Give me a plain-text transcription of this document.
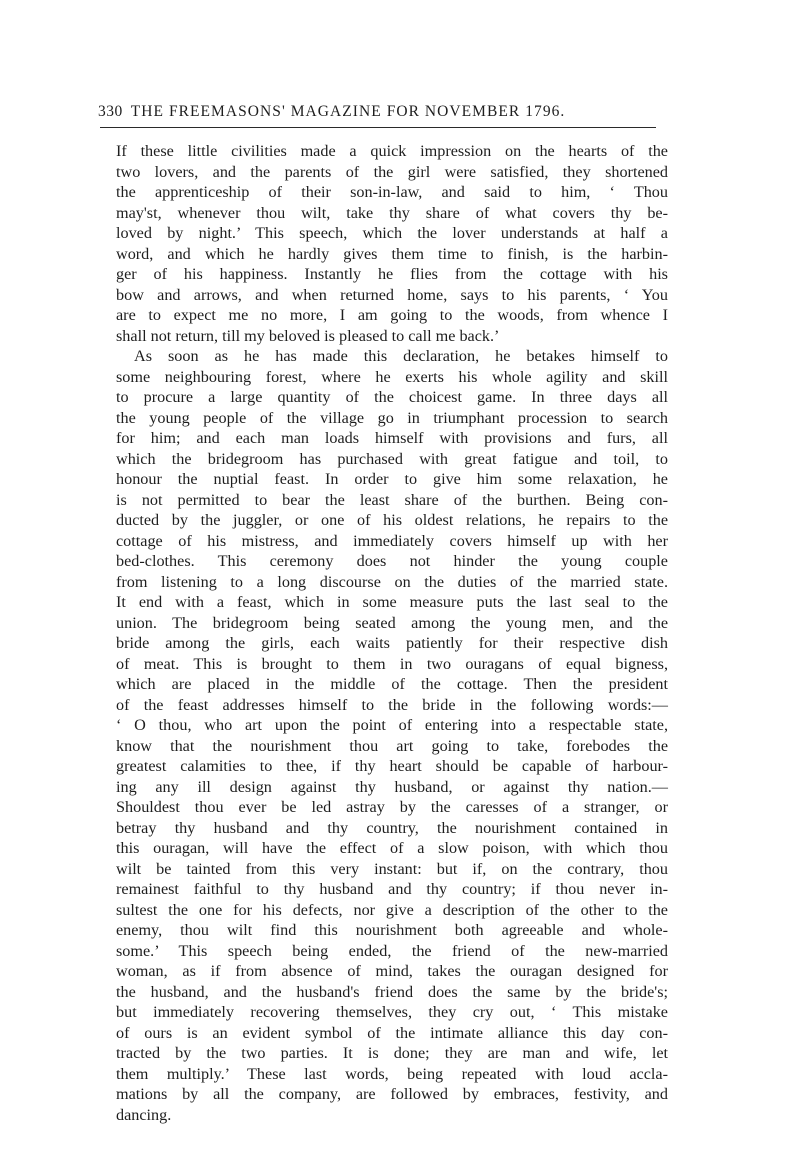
330 THE FREEMASONS' MAGAZINE FOR NOVEMBER 1796.
If these little civilities made a quick impression on the hearts of the
two lovers, and the parents of the girl were satisfied, they shortened
the apprenticeship of their son-in-law, and said to him, ‘ Thou
may'st, whenever thou wilt, take thy share of what covers thy be-
loved by night.’ This speech, which the lover understands at half a
word, and which he hardly gives them time to finish, is the harbin-
ger of his happiness. Instantly he flies from the cottage with his
bow and arrows, and when returned home, says to his parents, ‘ You
are to expect me no more, I am going to the woods, from whence I
shall not return, till my beloved is pleased to call me back.’
As soon as he has made this declaration, he betakes himself to
some neighbouring forest, where he exerts his whole agility and skill
to procure a large quantity of the choicest game. In three days all
the young people of the village go in triumphant procession to search
for him; and each man loads himself with provisions and furs, all
which the bridegroom has purchased with great fatigue and toil, to
honour the nuptial feast. In order to give him some relaxation, he
is not permitted to bear the least share of the burthen. Being con-
ducted by the juggler, or one of his oldest relations, he repairs to the
cottage of his mistress, and immediately covers himself up with her
bed-clothes. This ceremony does not hinder the young couple
from listening to a long discourse on the duties of the married state.
It end with a feast, which in some measure puts the last seal to the
union. The bridegroom being seated among the young men, and the
bride among the girls, each waits patiently for their respective dish
of meat. This is brought to them in two ouragans of equal bigness,
which are placed in the middle of the cottage. Then the president
of the feast addresses himself to the bride in the following words:—
‘ O thou, who art upon the point of entering into a respectable state,
know that the nourishment thou art going to take, forebodes the
greatest calamities to thee, if thy heart should be capable of harbour-
ing any ill design against thy husband, or against thy nation.—
Shouldest thou ever be led astray by the caresses of a stranger, or
betray thy husband and thy country, the nourishment contained in
this ouragan, will have the effect of a slow poison, with which thou
wilt be tainted from this very instant: but if, on the contrary, thou
remainest faithful to thy husband and thy country; if thou never in-
sultest the one for his defects, nor give a description of the other to the
enemy, thou wilt find this nourishment both agreeable and whole-
some.’ This speech being ended, the friend of the new-married
woman, as if from absence of mind, takes the ouragan designed for
the husband, and the husband's friend does the same by the bride's;
but immediately recovering themselves, they cry out, ‘ This mistake
of ours is an evident symbol of the intimate alliance this day con-
tracted by the two parties. It is done; they are man and wife, let
them multiply.’ These last words, being repeated with loud accla-
mations by all the company, are followed by embraces, festivity, and
dancing.
